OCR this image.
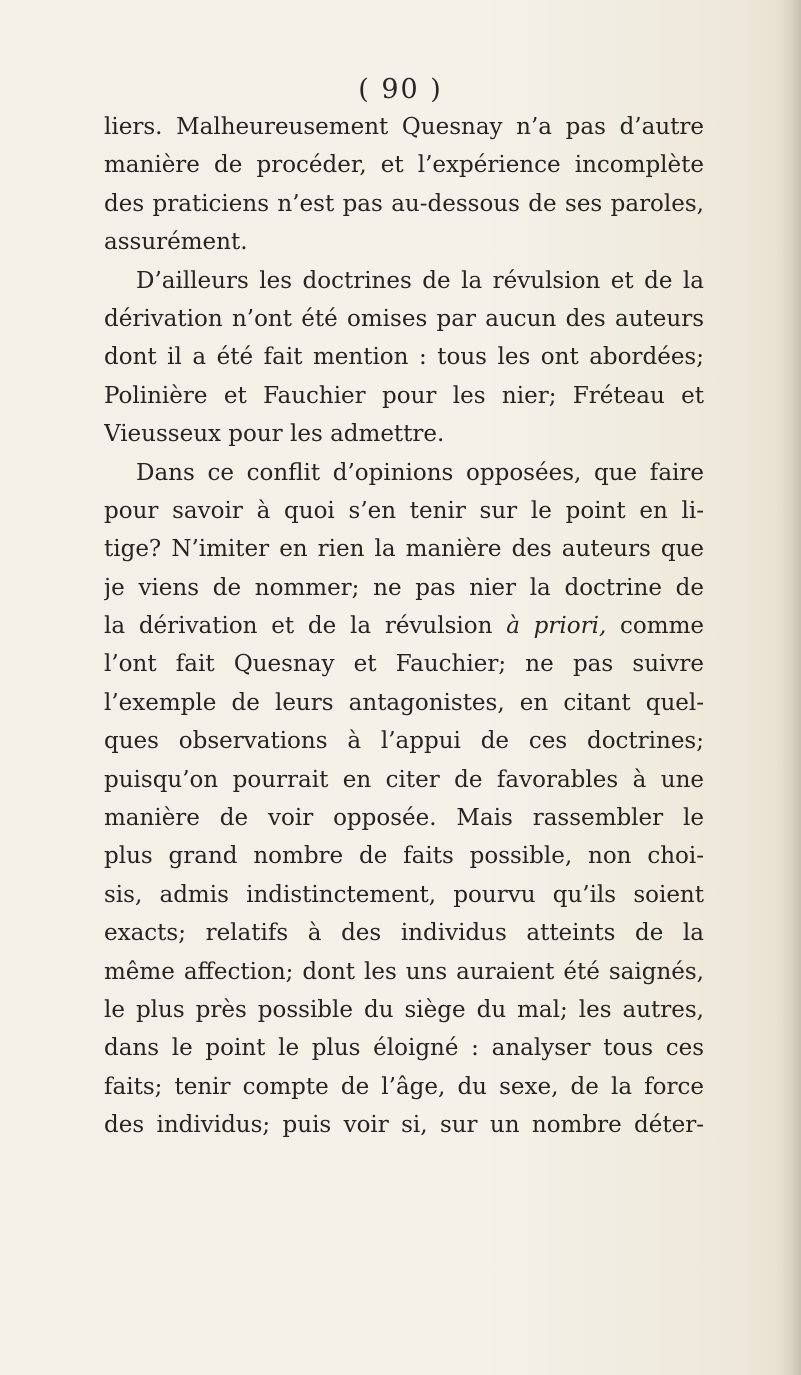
( 90 )
liers. Malheureusement Quesnay n’a pas d’autre
manière de procéder, et l’expérience incomplète
des praticiens n’est pas au-dessous de ses paroles,
assurément.
D’ailleurs les doctrines de la révulsion et de la
dérivation n’ont été omises par aucun des auteurs
dont il a été fait mention : tous les ont abordées;
Polinière et Fauchier pour les nier; Fréteau et
Vieusseux pour les admettre.
Dans ce conflit d’opinions opposées, que faire
pour savoir à quoi s’en tenir sur le point en li-
tige? N’imiter en rien la manière des auteurs que
je viens de nommer; ne pas nier la doctrine de
la dérivation et de la révulsion à priori, comme
l’ont fait Quesnay et Fauchier; ne pas suivre
l’exemple de leurs antagonistes, en citant quel-
ques observations à l’appui de ces doctrines;
puisqu’on pourrait en citer de favorables à une
manière de voir opposée. Mais rassembler le
plus grand nombre de faits possible, non choi-
sis, admis indistinctement, pourvu qu’ils soient
exacts; relatifs à des individus atteints de la
même affection; dont les uns auraient été saignés,
le plus près possible du siège du mal; les autres,
dans le point le plus éloigné : analyser tous ces
faits; tenir compte de l’âge, du sexe, de la force
des individus; puis voir si, sur un nombre déter-
